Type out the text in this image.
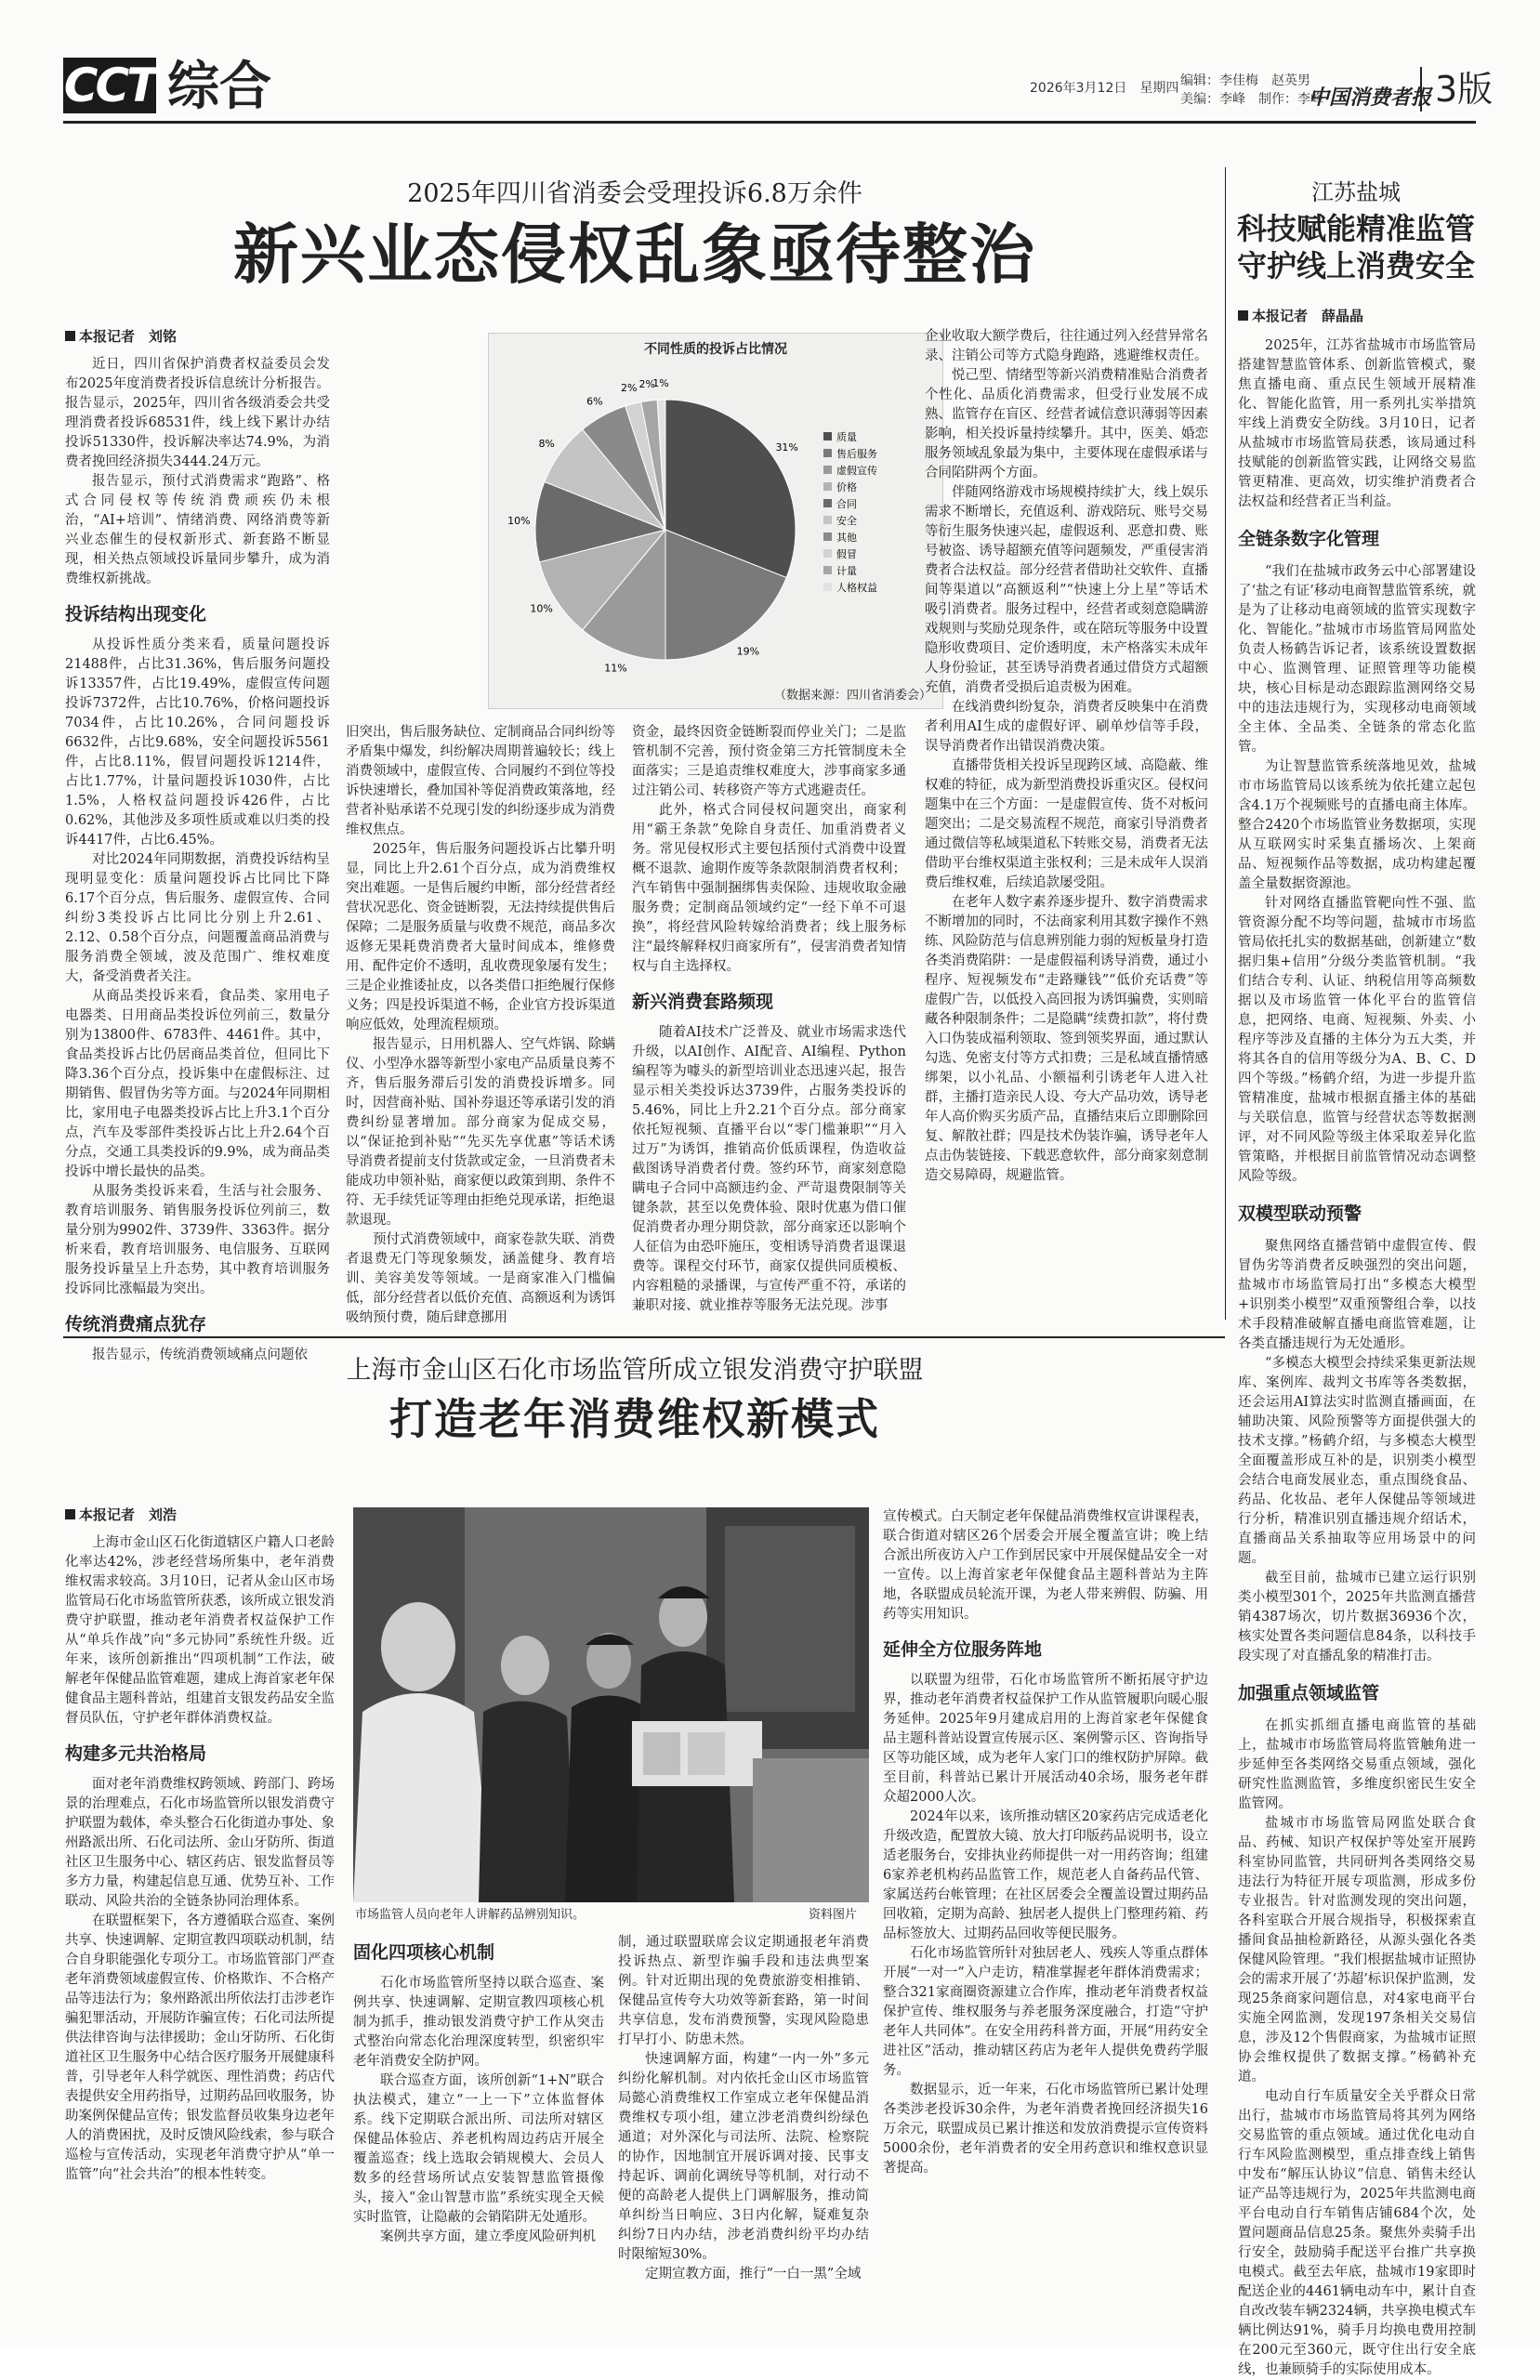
CCT 综合	2026年3月12日　星期四 编辑：李佳梅　赵英男
美编：李峰　制作：李峰
中国消费者报 3版
2025年四川省消委会受理投诉6.8万余件
新兴业态侵权乱象亟待整治
本报记者　刘铭

近日，四川省保护消费者权益委员会发布2025年度消费者投诉信息统计分析报告。报告显示，2025年，四川省各级消委会共受理消费者投诉68531件，线上线下累计办结投诉51330件，投诉解决率达74.9%，为消费者挽回经济损失3444.24万元。

报告显示，预付式消费需求“跑路”、格式合同侵权等传统消费顽疾仍未根治，“AI+培训”、情绪消费、网络消费等新兴业态催生的侵权新形式、新套路不断显现，相关热点领域投诉量同步攀升，成为消费维权新挑战。

投诉结构出现变化

从投诉性质分类来看，质量问题投诉21488件，占比31.36%，售后服务问题投诉13357件，占比19.49%，虚假宣传问题投诉7372件，占比10.76%，价格问题投诉7034件，占比10.26%，合同问题投诉6632件，占比9.68%，安全问题投诉5561件，占比8.11%，假冒问题投诉1214件，占比1.77%，计量问题投诉1030件，占比1.5%，人格权益问题投诉426件，占比0.62%，其他涉及多项性质或难以归类的投诉4417件，占比6.45%。

对比2024年同期数据，消费投诉结构呈现明显变化：质量问题投诉占比同比下降6.17个百分点，售后服务、虚假宣传、合同纠纷3类投诉占比同比分别上升2.61、2.12、0.58个百分点，问题覆盖商品消费与服务消费全领域，波及范围广、维权难度大，备受消费者关注。

从商品类投诉来看，食品类、家用电子电器类、日用商品类投诉位列前三，数量分别为13800件、6783件、4461件。其中，食品类投诉占比仍居商品类首位，但同比下降3.36个百分点，投诉集中在虚假标注、过期销售、假冒伪劣等方面。与2024年同期相比，家用电子电器类投诉占比上升3.1个百分点，汽车及零部件类投诉占比上升2.64个百分点，交通工具类投诉的9.9%，成为商品类投诉中增长最快的品类。

从服务类投诉来看，生活与社会服务、教育培训服务、销售服务投诉位列前三，数量分别为9902件、3739件、3363件。据分析来看，教育培训服务、电信服务、互联网服务投诉量呈上升态势，其中教育培训服务投诉同比涨幅最为突出。

传统消费痛点犹存

报告显示，传统消费领域痛点问题依

不同性质的投诉占比情况
31%
19%
11%
10%
10%
8%
6%
2% 2%
1%
质量
售后服务
虚假宣传
价格
合同
安全
其他
假冒
计量
人格权益
（数据来源：四川省消委会）

旧突出，售后服务缺位、定制商品合同纠纷等矛盾集中爆发，纠纷解决周期普遍较长；线上消费领域中，虚假宣传、合同履约不到位等投诉快速增长，叠加国补等促消费政策落地，经营者补贴承诺不兑现引发的纠纷逐步成为消费维权焦点。

2025年，售后服务问题投诉占比攀升明显，同比上升2.61个百分点，成为消费维权突出难题。一是售后履约申断，部分经营者经营状况恶化、资金链断裂，无法持续提供售后保障；二是服务质量与收费不规范，商品多次返修无果耗费消费者大量时间成本，维修费用、配件定价不透明，乱收费现象屡有发生；三是企业推诿扯皮，以各类借口拒绝履行保修义务；四是投诉渠道不畅，企业官方投诉渠道响应低效，处理流程烦琐。

报告显示，日用机器人、空气炸锅、除螨仪、小型净水器等新型小家电产品质量良莠不齐，售后服务滞后引发的消费投诉增多。同时，因营商补贴、国补券退还等承诺引发的消费纠纷显著增加。部分商家为促成交易，以“保证抢到补贴”“先买先享优惠”等话术诱导消费者提前支付货款或定金，一旦消费者未能成功申领补贴，商家便以政策到期、条件不符、无手续凭证等理由拒绝兑现承诺，拒绝退款退现。

预付式消费领域中，商家卷款失联、消费者退费无门等现象频发，涵盖健身、教育培训、美容美发等领域。一是商家准入门槛偏低，部分经营者以低价充值、高额返利为诱饵吸纳预付费，随后肆意挪用

资金，最终因资金链断裂而停业关门；二是监管机制不完善，预付资金第三方托管制度未全面落实；三是追责维权难度大，涉事商家多通过注销公司、转移资产等方式逃避责任。

此外，格式合同侵权问题突出，商家利用“霸王条款”免除自身责任、加重消费者义务。常见侵权形式主要包括预付式消费中设置概不退款、逾期作废等条款限制消费者权利；汽车销售中强制捆绑售卖保险、违规收取金融服务费；定制商品领域约定“一经下单不可退换”，将经营风险转嫁给消费者；线上服务标注“最终解释权归商家所有”，侵害消费者知情权与自主选择权。

新兴消费套路频现

随着AI技术广泛普及、就业市场需求迭代升级，以AI创作、AI配音、AI编程、Python编程等为噱头的新型培训业态迅速兴起，报告显示相关类投诉达3739件，占服务类投诉的5.46%，同比上升2.21个百分点。部分商家依托短视频、直播平台以“零门槛兼职”“月入过万”为诱饵，推销高价低质课程，伪造收益截图诱导消费者付费。签约环节，商家刻意隐瞒电子合同中高额违约金、严苛退费限制等关键条款，甚至以免费体验、限时优惠为借口催促消费者办理分期贷款，部分商家还以影响个人征信为由恐吓施压，变相诱导消费者退课退费等。课程交付环节，商家仅提供同质模板、内容粗糙的录播课，与宣传严重不符，承诺的兼职对接、就业推荐等服务无法兑现。涉事

企业收取大额学费后，往往通过列入经营异常名录、注销公司等方式隐身跑路，逃避维权责任。

悦己型、情绪型等新兴消费精准贴合消费者个性化、品质化消费需求，但受行业发展不成熟、监管存在盲区、经营者诚信意识薄弱等因素影响，相关投诉量持续攀升。其中，医美、婚恋服务领域乱象最为集中，主要体现在虚假承诺与合同陷阱两个方面。

伴随网络游戏市场规模持续扩大，线上娱乐需求不断增长，充值返利、游戏陪玩、账号交易等衍生服务快速兴起，虚假返利、恶意扣费、账号被盗、诱导超额充值等问题频发，严重侵害消费者合法权益。部分经营者借助社交软件、直播间等渠道以“高额返利”“快速上分上星”等话术吸引消费者。服务过程中，经营者或刻意隐瞒游戏规则与奖励兑现条件，或在陪玩等服务中设置隐形收费项目、定价透明度，未产格落实未成年人身份验证，甚至诱导消费者通过借贷方式超额充值，消费者受损后追责极为困难。

在线消费纠纷复杂，消费者反映集中在消费者利用AI生成的虚假好评、刷单炒信等手段，误导消费者作出错误消费决策。

直播带货相关投诉呈现跨区域、高隐蔽、维权难的特征，成为新型消费投诉重灾区。侵权问题集中在三个方面：一是虚假宣传、货不对板问题突出；二是交易流程不规范，商家引导消费者通过微信等私域渠道私下转账交易，消费者无法借助平台维权渠道主张权利；三是未成年人误消费后维权难，后续追款屡受阻。

在老年人数字素养逐步提升、数字消费需求不断增加的同时，不法商家利用其数字操作不熟练、风险防范与信息辨别能力弱的短板量身打造各类消费陷阱：一是虚假福利诱导消费，通过小程序、短视频发布“走路赚钱”“低价充话费”等虚假广告，以低投入高回报为诱饵骗费，实则暗藏各种限制条件；二是隐瞒“续费扣款”，将付费入口伪装成福利领取、签到领奖界面，通过默认勾选、免密支付等方式扣费；三是私域直播情感绑架，以小礼品、小额福利引诱老年人进入社群，主播打造亲民人设、夸大产品功效，诱导老年人高价购买劣质产品，直播结束后立即删除回复、解散社群；四是技术伪装诈骗，诱导老年人点击伪装链接、下载恶意软件，部分商家刻意制造交易障碍，规避监管。

江苏盐城
科技赋能精准监管
守护线上消费安全
本报记者　薛晶晶

2025年，江苏省盐城市市场监管局搭建智慧监管体系、创新监管模式，聚焦直播电商、重点民生领域开展精准化、智能化监管，用一系列扎实举措筑牢线上消费安全防线。3月10日，记者从盐城市市场监管局获悉，该局通过科技赋能的创新监管实践，让网络交易监管更精准、更高效，切实维护消费者合法权益和经营者正当利益。

全链条数字化管理

“我们在盐城市政务云中心部署建设了‘盐之有证’移动电商智慧监管系统，就是为了让移动电商领域的监管实现数字化、智能化。”盐城市市场监管局网监处负责人杨鹤告诉记者，该系统设置数据中心、监测管理、证照管理等功能模块，核心目标是动态跟踪监测网络交易中的违法违规行为，实现移动电商领域全主体、全品类、全链条的常态化监管。

为让智慧监管系统落地见效，盐城市市场监管局以该系统为依托建立起包含4.1万个视频账号的直播电商主体库。整合2420个市场监管业务数据项，实现从互联网实时采集直播场次、上架商品、短视频作品等数据，成功构建起覆盖全量数据资源池。

针对网络直播监管靶向性不强、监管资源分配不均等问题，盐城市市场监管局依托扎实的数据基础，创新建立“数据归集+信用”分级分类监管机制。“我们结合专利、认证、纳税信用等高频数据以及市场监管一体化平台的监管信息，把网络、电商、短视频、外卖、小程序等涉及直播的主体分为五大类，并将其各自的信用等级分为A、B、C、D四个等级。”杨鹤介绍，为进一步提升监管精准度，盐城市根据直播主体的基础与关联信息，监管与经营状态等数据测评，对不同风险等级主体采取差异化监管策略，并根据目前监管情况动态调整风险等级。

双模型联动预警

聚焦网络直播营销中虚假宣传、假冒伪劣等消费者反映强烈的突出问题，盐城市市场监管局打出“多模态大模型+识别类小模型”双重预警组合拳，以技术手段精准破解直播电商监管难题，让各类直播违规行为无处遁形。

“多模态大模型会持续采集更新法规库、案例库、裁判文书库等各类数据，还会运用AI算法实时监测直播画面，在辅助决策、风险预警等方面提供强大的技术支撑。”杨鹤介绍，与多模态大模型全面覆盖形成互补的是，识别类小模型会结合电商发展业态，重点围绕食品、药品、化妆品、老年人保健品等领域进行分析，精准识别直播违规介绍话术，直播商品关系抽取等应用场景中的问题。

截至目前，盐城市已建立运行识别类小模型301个，2025年共监测直播营销4387场次，切片数据36936个次，核实处置各类问题信息84条，以科技手段实现了对直播乱象的精准打击。

加强重点领域监管

在抓实抓细直播电商监管的基础上，盐城市市场监管局将监管触角进一步延伸至各类网络交易重点领域，强化研究性监测监管，多维度织密民生安全监管网。

盐城市市场监管局网监处联合食品、药械、知识产权保护等处室开展跨科室协同监管，共同研判各类网络交易违法行为特征开展专项监测，形成多份专业报告。针对监测发现的突出问题，各科室联合开展合规指导，积极探索直播间食品抽检新路径，从源头强化各类保健风险管理。“我们根据盐城市证照协会的需求开展了‘苏超’标识保护监测，发现25条商家问题信息，对4家电商平台实施全网监测，发现197条相关交易信息，涉及12个售假商家，为盐城市证照协会维权提供了数据支撑。”杨鹤补充道。

电动自行车质量安全关乎群众日常出行，盐城市市场监管局将其列为网络交易监管的重点领域。通过优化电动自行车风险监测模型，重点排查线上销售中发布“解压认协议”信息、销售未经认证产品等违规行为，2025年共监测电商平台电动自行车销售店铺684个次，处置问题商品信息25条。聚焦外卖骑手出行安全，鼓励骑手配送平台推广共享换电模式。截至去年底，盐城市19家即时配送企业的4461辆电动车中，累计自查自改改装车辆2324辆，共享换电模式车辆比例达91%，骑手月均换电费用控制在200元至360元，既守住出行安全底线，也兼顾骑手的实际使用成本。

上海市金山区石化市场监管所成立银发消费守护联盟
打造老年消费维权新模式
本报记者　刘浩

上海市金山区石化街道辖区户籍人口老龄化率达42%，涉老经营场所集中，老年消费维权需求较高。3月10日，记者从金山区市场监管局石化市场监管所获悉，该所成立银发消费守护联盟，推动老年消费者权益保护工作从“单兵作战”向“多元协同”系统性升级。近年来，该所创新推出“四项机制”工作法，破解老年保健品监管难题，建成上海首家老年保健食品主题科普站，组建首支银发药品安全监督员队伍，守护老年群体消费权益。

构建多元共治格局

面对老年消费维权跨领域、跨部门、跨场景的治理难点，石化市场监管所以银发消费守护联盟为载体，牵头整合石化街道办事处、象州路派出所、石化司法所、金山牙防所、街道社区卫生服务中心、辖区药店、银发监督员等多方力量，构建起信息互通、优势互补、工作联动、风险共治的全链条协同治理体系。

在联盟框架下，各方遵循联合巡查、案例共享、快速调解、定期宣教四项联动机制，结合自身职能强化专项分工。市场监管部门严查老年消费领域虚假宣传、价格欺诈、不合格产品等违法行为；象州路派出所依法打击涉老诈骗犯罪活动，开展防诈骗宣传；石化司法所提供法律咨询与法律援助；金山牙防所、石化街道社区卫生服务中心结合医疗服务开展健康科普，引导老年人科学就医、理性消费；药店代表提供安全用药指导，过期药品回收服务，协助案例保健品宣传；银发监督员收集身边老年人的消费困扰，及时反馈风险线索，参与联合巡检与宣传活动，实现老年消费守护从“单一监管”向“社会共治”的根本性转变。

市场监管人员向老年人讲解药品辨别知识。	资料图片
固化四项核心机制

石化市场监管所坚持以联合巡查、案例共享、快速调解、定期宣教四项核心机制为抓手，推动银发消费守护工作从突击式整治向常态化治理深度转型，织密织牢老年消费安全防护网。

联合巡查方面，该所创新“1+N”联合执法模式，建立“一上一下”立体监督体系。线下定期联合派出所、司法所对辖区保健品体验店、养老机构周边药店开展全覆盖巡查；线上选取会销规模大、会员人数多的经营场所试点安装智慧监管摄像头，接入“金山智慧市监”系统实现全天候实时监管，让隐蔽的会销陷阱无处遁形。

案例共享方面，建立季度风险研判机

制，通过联盟联席会议定期通报老年消费投诉热点、新型诈骗手段和违法典型案例。针对近期出现的免费旅游变相推销、保健品宣传夸大功效等新套路，第一时间共享信息，发布消费预警，实现风险隐患打早打小、防患未然。

快速调解方面，构建“一内一外”多元纠纷化解机制。对内依托金山区市场监管局懿心消费维权工作室成立老年保健品消费维权专项小组，建立涉老消费纠纷绿色通道；对外深化与司法所、法院、检察院的协作，因地制宜开展诉调对接、民事支持起诉、调前化调统导等机制，对行动不便的高龄老人提供上门调解服务，推动简单纠纷当日响应、3日内化解，疑难复杂纠纷7日内办结，涉老消费纠纷平均办结时限缩短30%。

定期宣教方面，推行“一白一黑”全域

宣传模式。白天制定老年保健品消费维权宣讲课程表，联合街道对辖区26个居委会开展全覆盖宣讲；晚上结合派出所夜访入户工作到居民家中开展保健品安全一对一宣传。以上海首家老年保健食品主题科普站为主阵地，各联盟成员轮流开课，为老人带来辨假、防骗、用药等实用知识。

延伸全方位服务阵地

以联盟为纽带，石化市场监管所不断拓展守护边界，推动老年消费者权益保护工作从监管履职向暖心服务延伸。2025年9月建成启用的上海首家老年保健食品主题科普站设置宣传展示区、案例警示区、咨询指导区等功能区域，成为老年人家门口的维权防护屏障。截至目前，科普站已累计开展活动40余场，服务老年群众超2000人次。

2024年以来，该所推动辖区20家药店完成适老化升级改造，配置放大镜、放大打印版药品说明书，设立适老服务台，安排执业药师提供一对一用药咨询；组建6家养老机构药品监管工作，规范老人自备药品代管、家属送药台帐管理；在社区居委会全覆盖设置过期药品回收箱，定期为高龄、独居老人提供上门整理药箱、药品标签放大、过期药品回收等便民服务。

石化市场监管所针对独居老人、残疾人等重点群体开展“一对一”入户走访，精准掌握老年群体消费需求；整合321家商圈资源建立合作库，推动老年消费者权益保护宣传、维权服务与养老服务深度融合，打造“守护老年人共同体”。在安全用药科普方面，开展“用药安全进社区”活动，推动辖区药店为老年人提供免费药学服务。

数据显示，近一年来，石化市场监管所已累计处理各类涉老投诉30余件，为老年消费者挽回经济损失16万余元，联盟成员已累计推送和发放消费提示宣传资料5000余份，老年消费者的安全用药意识和维权意识显著提高。
